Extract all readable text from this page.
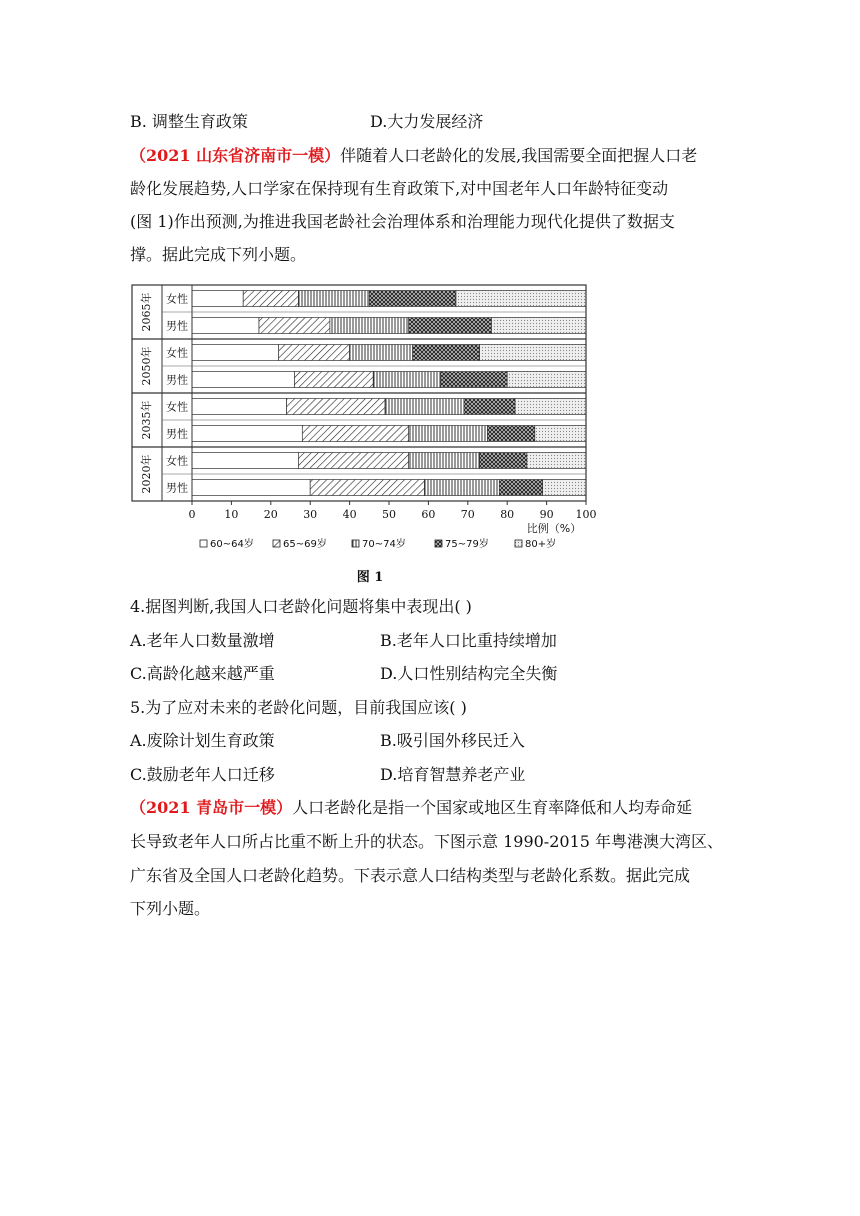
B. 调整生育政策	D.大力发展经济
（2021 山东省济南市一模）伴随着人口老龄化的发展,我国需要全面把握人口老
龄化发展趋势,人口学家在保持现有生育政策下,对中国老年人口年龄特征变动
(图 1)作出预测,为推进我国老龄社会治理体系和治理能力现代化提供了数据支
撑。据此完成下列小题。
2065年 女性
男性
2050年 女性
男性
2035年 女性
男性
2020年 女性
男性
0	10 20 30 40 50 60 70 80 90 100
比例（%）
60~64岁	65~69岁	70~74岁	75~79岁	80+岁
图 1
4.据图判断,我国人口老龄化问题将集中表现出( )
A.老年人口数量激增	B.老年人口比重持续增加
C.高龄化越来越严重	D.人口性别结构完全失衡
5.为了应对未来的老龄化问题，目前我国应该( )
A.废除计划生育政策	B.吸引国外移民迁入
C.鼓励老年人口迁移	D.培育智慧养老产业
（2021 青岛市一模）人口老龄化是指一个国家或地区生育率降低和人均寿命延
长导致老年人口所占比重不断上升的状态。下图示意 1990-2015 年粤港澳大湾区、
广东省及全国人口老龄化趋势。下表示意人口结构类型与老龄化系数。据此完成
下列小题。
